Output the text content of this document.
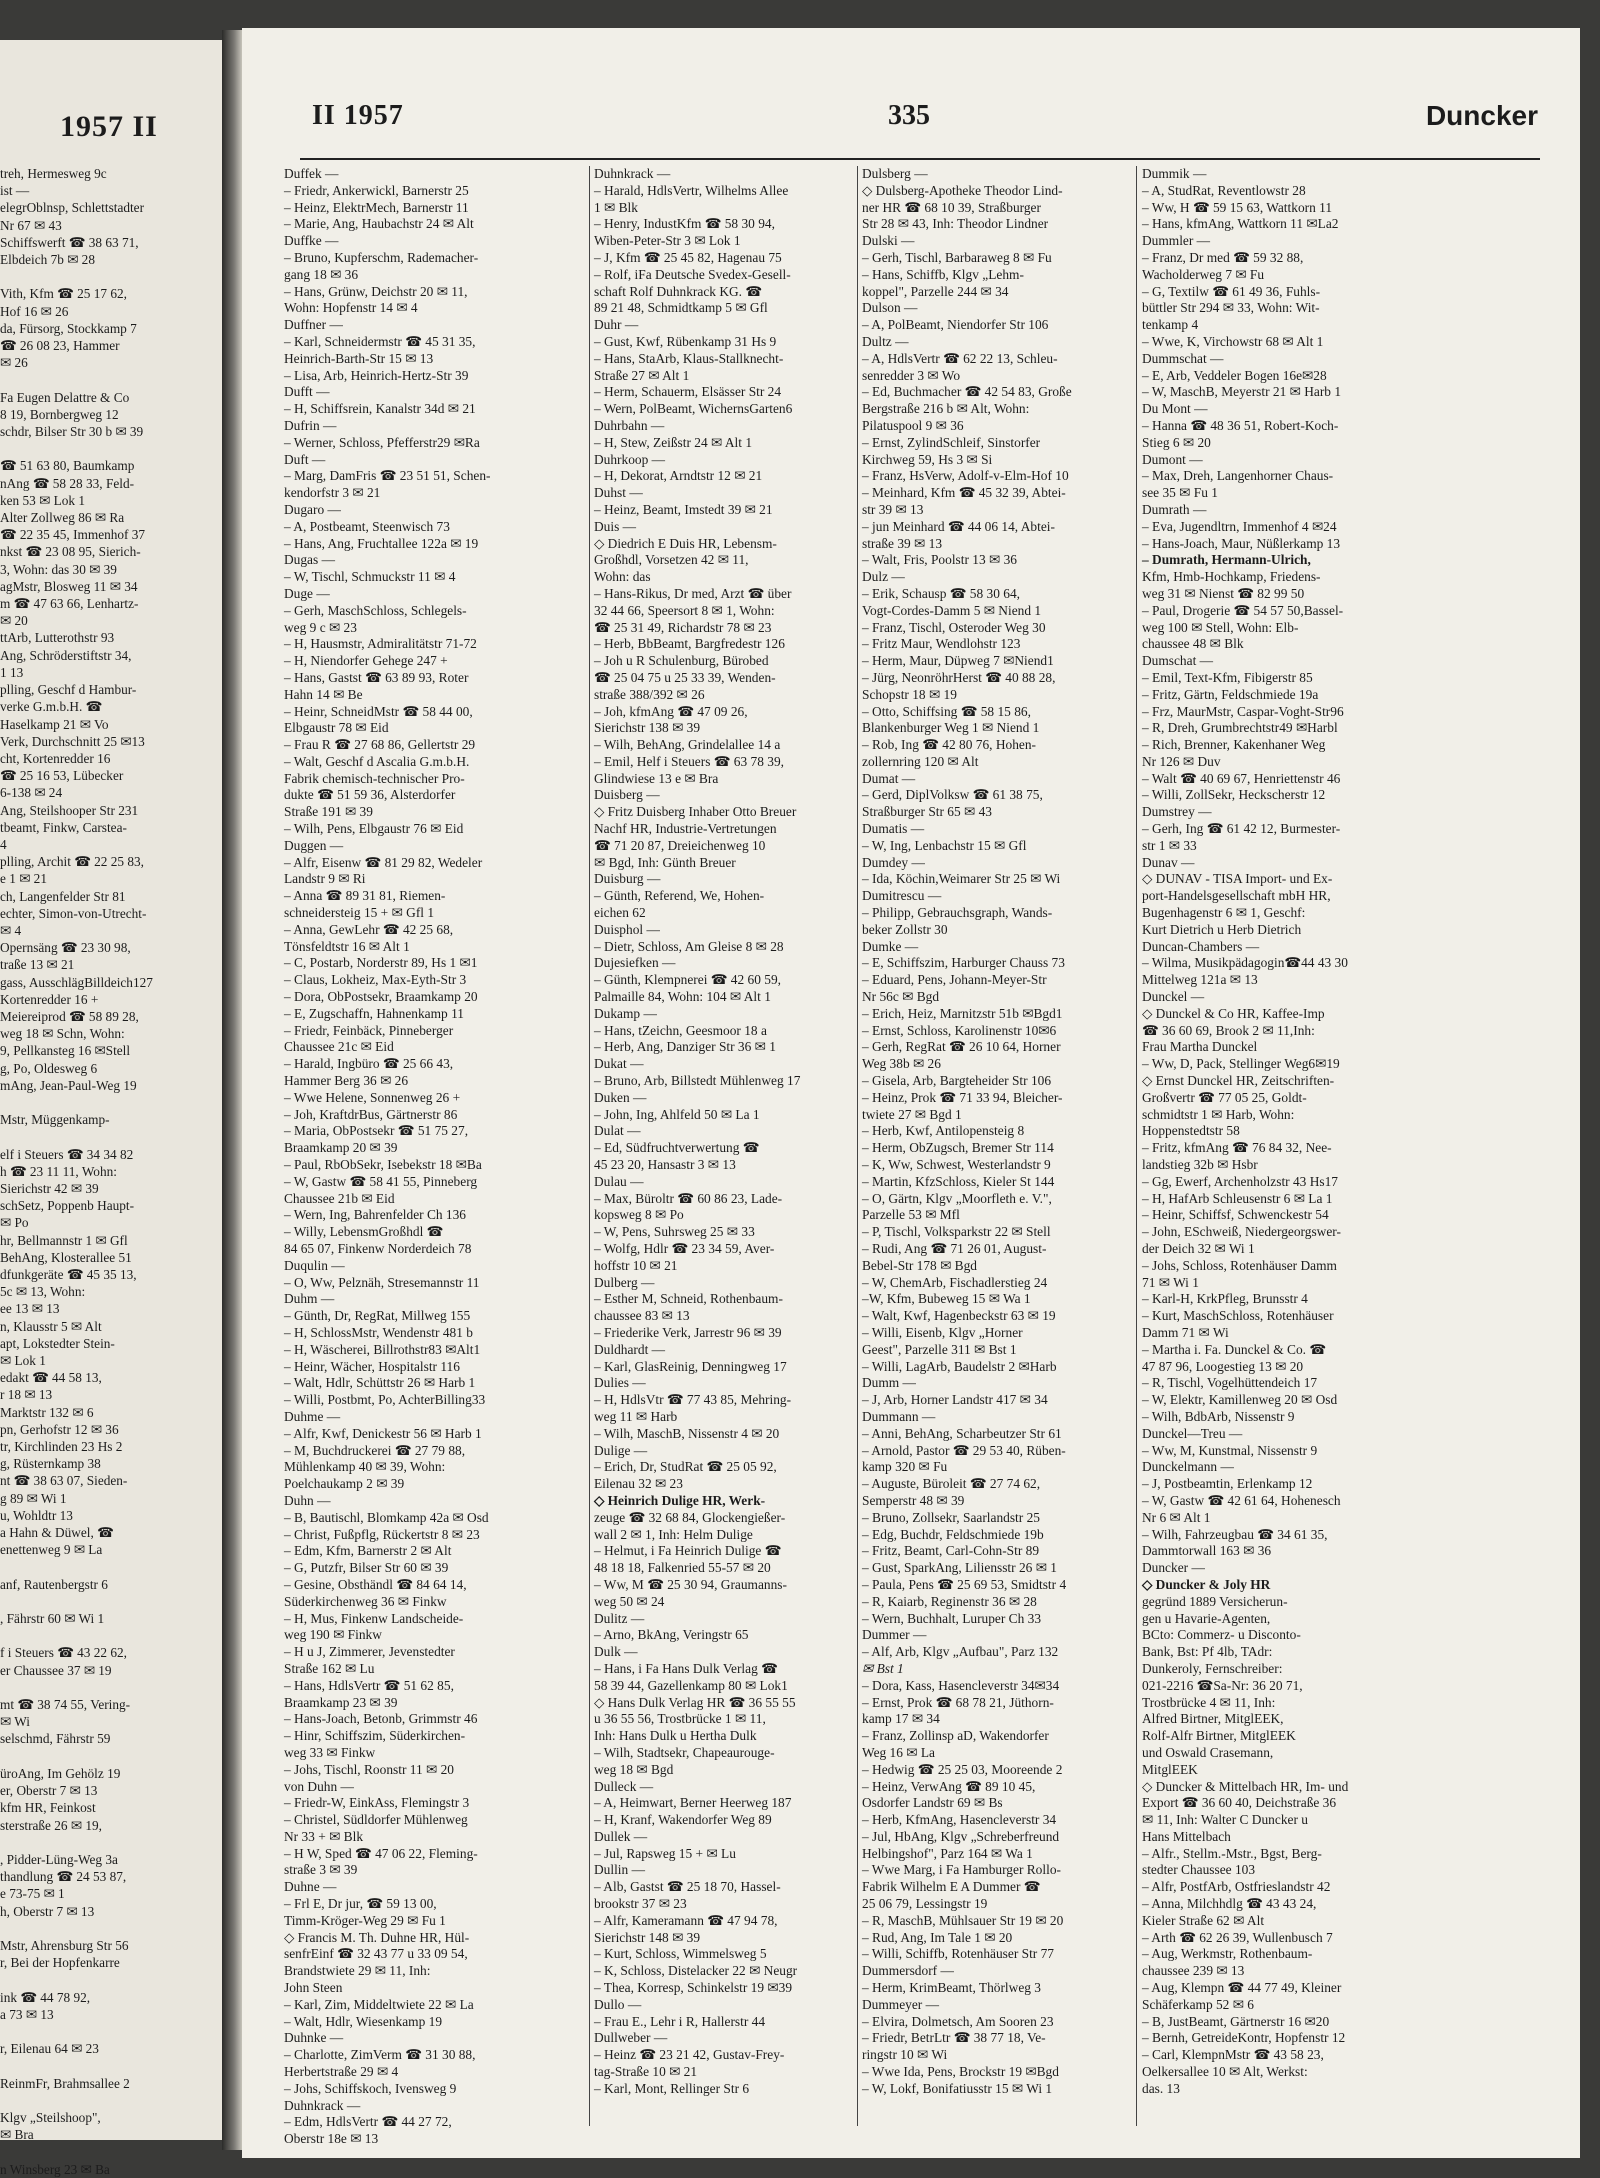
1957 II
treh, Hermesweg 9c
ist —
elegrOblnsp, Schlettstadter
Nr 67 ✉ 43
Schiffswerft ☎ 38 63 71,
Elbdeich 7b ✉ 28

Vith, Kfm ☎ 25 17 62,
Hof 16 ✉ 26
da, Fürsorg, Stockkamp 7
☎ 26 08 23, Hammer
✉ 26

Fa Eugen Delattre & Co
8 19, Bornbergweg 12
schdr, Bilser Str 30 b ✉ 39

☎ 51 63 80, Baumkamp
nAng ☎ 58 28 33, Feld-
ken 53 ✉ Lok 1
Alter Zollweg 86 ✉ Ra
☎ 22 35 45, Immenhof 37
nkst ☎ 23 08 95, Sierich-
3, Wohn: das 30 ✉ 39
agMstr, Blosweg 11 ✉ 34
m ☎ 47 63 66, Lenhartz-
✉ 20
ttArb, Lutterothstr 93
Ang, Schröderstiftstr 34,
1 13
plling, Geschf d Hambur-
verke G.m.b.H. ☎
Haselkamp 21 ✉ Vo
Verk, Durchschnitt 25 ✉13
cht, Kortenredder 16
☎ 25 16 53, Lübecker
6-138 ✉ 24
Ang, Steilshooper Str 231
tbeamt, Finkw, Carstea-
4
plling, Archit ☎ 22 25 83,
e 1 ✉ 21
ch, Langenfelder Str 81
echter, Simon-von-Utrecht-
✉ 4
Opernsäng ☎ 23 30 98,
traße 13 ✉ 21
gass, AusschlägBilldeich127
Kortenredder 16 +
Meiereiprod ☎ 58 89 28,
weg 18 ✉ Schn, Wohn:
9, Pellkansteg 16 ✉Stell
g, Po, Oldesweg 6
mAng, Jean-Paul-Weg 19

Mstr, Müggenkamp-

elf i Steuers ☎ 34 34 82
h ☎ 23 11 11, Wohn:
Sierichstr 42 ✉ 39
schSetz, Poppenb Haupt-
✉ Po
hr, Bellmannstr 1 ✉ Gfl
BehAng, Klosterallee 51
dfunkgeräte ☎ 45 35 13,
5c ✉ 13, Wohn:
ee 13 ✉ 13
n, Klausstr 5 ✉ Alt
apt, Lokstedter Stein-
✉ Lok 1
edakt ☎ 44 58 13,
r 18 ✉ 13
Marktstr 132 ✉ 6
pn, Gerhofstr 12 ✉ 36
tr, Kirchlinden 23 Hs 2
g, Rüsternkamp 38
nt ☎ 38 63 07, Sieden-
g 89 ✉ Wi 1
u, Wohldtr 13
a Hahn & Düwel, ☎
enettenweg 9 ✉ La

anf, Rautenbergstr 6

, Fährstr 60 ✉ Wi 1

f i Steuers ☎ 43 22 62,
er Chaussee 37 ✉ 19

mt ☎ 38 74 55, Vering-
✉ Wi
selschmd, Fährstr 59

üroAng, Im Gehölz 19
er, Oberstr 7 ✉ 13
kfm HR, Feinkost
sterstraße 26 ✉ 19,

, Pidder-Lüng-Weg 3a
thandlung ☎ 24 53 87,
e 73-75 ✉ 1
h, Oberstr 7 ✉ 13

Mstr, Ahrensburg Str 56
r, Bei der Hopfenkarre

ink ☎ 44 78 92,
a 73 ✉ 13

r, Eilenau 64 ✉ 23

ReinmFr, Brahmsallee 2

Klgv „Steilshoop",
✉ Bra

n Winsberg 23 ✉ Ba
II 1957	335	Duncker
Duffek —
– Friedr, Ankerwickl, Barnerstr 25
– Heinz, ElektrMech, Barnerstr 11
– Marie, Ang, Haubachstr 24 ✉ Alt
Duffke —
– Bruno, Kupferschm, Rademacher-
gang 18 ✉ 36
– Hans, Grünw, Deichstr 20 ✉ 11,
Wohn: Hopfenstr 14 ✉ 4
Duffner —
– Karl, Schneidermstr ☎ 45 31 35,
Heinrich-Barth-Str 15 ✉ 13
– Lisa, Arb, Heinrich-Hertz-Str 39
Dufft —
– H, Schiffsrein, Kanalstr 34d ✉ 21
Dufrin —
– Werner, Schloss, Pfefferstr29 ✉Ra
Duft —
– Marg, DamFris ☎ 23 51 51, Schen-
kendorfstr 3 ✉ 21
Dugaro —
– A, Postbeamt, Steenwisch 73
– Hans, Ang, Fruchtallee 122a ✉ 19
Dugas —
– W, Tischl, Schmuckstr 11 ✉ 4
Duge —
– Gerh, MaschSchloss, Schlegels-
weg 9 c ✉ 23
– H, Hausmstr, Admiralitätstr 71-72
– H, Niendorfer Gehege 247 +
– Hans, Gastst ☎ 63 89 93, Roter
Hahn 14 ✉ Be
– Heinr, SchneidMstr ☎ 58 44 00,
Elbgaustr 78 ✉ Eid
– Frau R ☎ 27 68 86, Gellertstr 29
– Walt, Geschf d Ascalia G.m.b.H.
Fabrik chemisch-technischer Pro-
dukte ☎ 51 59 36, Alsterdorfer
Straße 191 ✉ 39
– Wilh, Pens, Elbgaustr 76 ✉ Eid
Duggen —
– Alfr, Eisenw ☎ 81 29 82, Wedeler
Landstr 9 ✉ Ri
– Anna ☎ 89 31 81, Riemen-
schneidersteig 15 + ✉ Gfl 1
– Anna, GewLehr ☎ 42 25 68,
Tönsfeldtstr 16 ✉ Alt 1
– C, Postarb, Norderstr 89, Hs 1 ✉1
– Claus, Lokheiz, Max-Eyth-Str 3
– Dora, ObPostsekr, Braamkamp 20
– E, Zugschaffn, Hahnenkamp 11
– Friedr, Feinbäck, Pinneberger
Chaussee 21c ✉ Eid
– Harald, Ingbüro ☎ 25 66 43,
Hammer Berg 36 ✉ 26
– Wwe Helene, Sonnenweg 26 +
– Joh, KraftdrBus, Gärtnerstr 86
– Maria, ObPostsekr ☎ 51 75 27,
Braamkamp 20 ✉ 39
– Paul, RbObSekr, Isebekstr 18 ✉Ba
– W, Gastw ☎ 58 41 55, Pinneberg
Chaussee 21b ✉ Eid
– Wern, Ing, Bahrenfelder Ch 136
– Willy, LebensmGroßhdl ☎
84 65 07, Finkenw Norderdeich 78
Duqulin —
– O, Ww, Pelznäh, Stresemannstr 11
Duhm —
– Günth, Dr, RegRat, Millweg 155
– H, SchlossMstr, Wendenstr 481 b
– H, Wäscherei, Billrothstr83 ✉Alt1
– Heinr, Wächer, Hospitalstr 116
– Walt, Hdlr, Schüttstr 26 ✉ Harb 1
– Willi, Postbmt, Po, AchterBilling33
Duhme —
– Alfr, Kwf, Denickestr 56 ✉ Harb 1
– M, Buchdruckerei ☎ 27 79 88,
Mühlenkamp 40 ✉ 39, Wohn:
Poelchaukamp 2 ✉ 39
Duhn —
– B, Bautischl, Blomkamp 42a ✉ Osd
– Christ, Fußpflg, Rückertstr 8 ✉ 23
– Edm, Kfm, Barnerstr 2 ✉ Alt
– G, Putzfr, Bilser Str 60 ✉ 39
– Gesine, Obsthändl ☎ 84 64 14,
Süderkirchenweg 36 ✉ Finkw
– H, Mus, Finkenw Landscheide-
weg 190 ✉ Finkw
– H u J, Zimmerer, Jevenstedter
Straße 162 ✉ Lu
– Hans, HdlsVertr ☎ 51 62 85,
Braamkamp 23 ✉ 39
– Hans-Joach, Betonb, Grimmstr 46
– Hinr, Schiffszim, Süderkirchen-
weg 33 ✉ Finkw
– Johs, Tischl, Roonstr 11 ✉ 20
von Duhn —
– Friedr-W, EinkAss, Flemingstr 3
– Christel, Südldorfer Mühlenweg
Nr 33 + ✉ Blk
– H W, Sped ☎ 47 06 22, Fleming-
straße 3 ✉ 39
Duhne —
– Frl E, Dr jur, ☎ 59 13 00,
Timm-Kröger-Weg 29 ✉ Fu 1
◇ Francis M. Th. Duhne HR, Hül-
senfrEinf ☎ 32 43 77 u 33 09 54,
Brandstwiete 29 ✉ 11, Inh:
John Steen
– Karl, Zim, Middeltwiete 22 ✉ La
– Walt, Hdlr, Wiesenkamp 19
Duhnke —
– Charlotte, ZimVerm ☎ 31 30 88,
Herbertstraße 29 ✉ 4
– Johs, Schiffskoch, Ivensweg 9
Duhnkrack —
– Edm, HdlsVertr ☎ 44 27 72,
Oberstr 18e ✉ 13
Duhnkrack —
– Harald, HdlsVertr, Wilhelms Allee
1 ✉ Blk
– Henry, IndustKfm ☎ 58 30 94,
Wiben-Peter-Str 3 ✉ Lok 1
– J, Kfm ☎ 25 45 82, Hagenau 75
– Rolf, iFa Deutsche Svedex-Gesell-
schaft Rolf Duhnkrack KG. ☎
89 21 48, Schmidtkamp 5 ✉ Gfl
Duhr —
– Gust, Kwf, Rübenkamp 31 Hs 9
– Hans, StaArb, Klaus-Stallknecht-
Straße 27 ✉ Alt 1
– Herm, Schauerm, Elsässer Str 24
– Wern, PolBeamt, WichernsGarten6
Duhrbahn —
– H, Stew, Zeißstr 24 ✉ Alt 1
Duhrkoop —
– H, Dekorat, Arndtstr 12 ✉ 21
Duhst —
– Heinz, Beamt, Imstedt 39 ✉ 21
Duis —
◇ Diedrich E Duis HR, Lebensm-
Großhdl, Vorsetzen 42 ✉ 11,
Wohn: das
– Hans-Rikus, Dr med, Arzt ☎ über
32 44 66, Speersort 8 ✉ 1, Wohn:
☎ 25 31 49, Richardstr 78 ✉ 23
– Herb, BbBeamt, Bargfredestr 126
– Joh u R Schulenburg, Bürobed
☎ 25 04 75 u 25 33 39, Wenden-
straße 388/392 ✉ 26
– Joh, kfmAng ☎ 47 09 26,
Sierichstr 138 ✉ 39
– Wilh, BehAng, Grindelallee 14 a
– Emil, Helf i Steuers ☎ 63 78 39,
Glindwiese 13 e ✉ Bra
Duisberg —
◇ Fritz Duisberg Inhaber Otto Breuer
Nachf HR, Industrie-Vertretungen
☎ 71 20 87, Dreieichenweg 10
✉ Bgd, Inh: Günth Breuer
Duisburg —
– Günth, Referend, We, Hohen-
eichen 62
Duisphol —
– Dietr, Schloss, Am Gleise 8 ✉ 28
Dujesiefken —
– Günth, Klempnerei ☎ 42 60 59,
Palmaille 84, Wohn: 104 ✉ Alt 1
Dukamp —
– Hans, tZeichn, Geesmoor 18 a
– Herb, Ang, Danziger Str 36 ✉ 1
Dukat —
– Bruno, Arb, Billstedt Mühlenweg 17
Duken —
– John, Ing, Ahlfeld 50 ✉ La 1
Dulat —
– Ed, Südfruchtverwertung ☎
45 23 20, Hansastr 3 ✉ 13
Dulau —
– Max, Büroltr ☎ 60 86 23, Lade-
kopsweg 8 ✉ Po
– W, Pens, Suhrsweg 25 ✉ 33
– Wolfg, Hdlr ☎ 23 34 59, Aver-
hoffstr 10 ✉ 21
Dulberg —
– Esther M, Schneid, Rothenbaum-
chaussee 83 ✉ 13
– Friederike Verk, Jarrestr 96 ✉ 39
Duldhardt —
– Karl, GlasReinig, Denningweg 17
Dulies —
– H, HdlsVtr ☎ 77 43 85, Mehring-
weg 11 ✉ Harb
– Wilh, MaschB, Nissenstr 4 ✉ 20
Dulige —
– Erich, Dr, StudRat ☎ 25 05 92,
Eilenau 32 ✉ 23
◇ Heinrich Dulige HR, Werk-
zeuge ☎ 32 68 84, Glockengießer-
wall 2 ✉ 1, Inh: Helm Dulige
– Helmut, i Fa Heinrich Dulige ☎
48 18 18, Falkenried 55-57 ✉ 20
– Ww, M ☎ 25 30 94, Graumanns-
weg 50 ✉ 24
Dulitz —
– Arno, BkAng, Veringstr 65
Dulk —
– Hans, i Fa Hans Dulk Verlag ☎
58 39 44, Gazellenkamp 80 ✉ Lok1
◇ Hans Dulk Verlag HR ☎ 36 55 55
u 36 55 56, Trostbrücke 1 ✉ 11,
Inh: Hans Dulk u Hertha Dulk
– Wilh, Stadtsekr, Chapeaurouge-
weg 18 ✉ Bgd
Dulleck —
– A, Heimwart, Berner Heerweg 187
– H, Kranf, Wakendorfer Weg 89
Dullek —
– Jul, Rapsweg 15 + ✉ Lu
Dullin —
– Alb, Gastst ☎ 25 18 70, Hassel-
brookstr 37 ✉ 23
– Alfr, Kameramann ☎ 47 94 78,
Sierichstr 148 ✉ 39
– Kurt, Schloss, Wimmelsweg 5
– K, Schloss, Distelacker 22 ✉ Neugr
– Thea, Korresp, Schinkelstr 19 ✉39
Dullo —
– Frau E., Lehr i R, Hallerstr 44
Dullweber —
– Heinz ☎ 23 21 42, Gustav-Frey-
tag-Straße 10 ✉ 21
– Karl, Mont, Rellinger Str 6
Dulsberg —
◇ Dulsberg-Apotheke Theodor Lind-
ner HR ☎ 68 10 39, Straßburger
Str 28 ✉ 43, Inh: Theodor Lindner
Dulski —
– Gerh, Tischl, Barbaraweg 8 ✉ Fu
– Hans, Schiffb, Klgv „Lehm-
koppel", Parzelle 244 ✉ 34
Dulson —
– A, PolBeamt, Niendorfer Str 106
Dultz —
– A, HdlsVertr ☎ 62 22 13, Schleu-
senredder 3 ✉ Wo
– Ed, Buchmacher ☎ 42 54 83, Große
Bergstraße 216 b ✉ Alt, Wohn:
Pilatuspool 9 ✉ 36
– Ernst, ZylindSchleif, Sinstorfer
Kirchweg 59, Hs 3 ✉ Si
– Franz, HsVerw, Adolf-v-Elm-Hof 10
– Meinhard, Kfm ☎ 45 32 39, Abtei-
str 39 ✉ 13
– jun Meinhard ☎ 44 06 14, Abtei-
straße 39 ✉ 13
– Walt, Fris, Poolstr 13 ✉ 36
Dulz —
– Erik, Schausp ☎ 58 30 64,
Vogt-Cordes-Damm 5 ✉ Niend 1
– Franz, Tischl, Osteroder Weg 30
– Fritz Maur, Wendlohstr 123
– Herm, Maur, Düpweg 7 ✉Niend1
– Jürg, NeonröhrHerst ☎ 40 88 28,
Schopstr 18 ✉ 19
– Otto, Schiffsing ☎ 58 15 86,
Blankenburger Weg 1 ✉ Niend 1
– Rob, Ing ☎ 42 80 76, Hohen-
zollernring 120 ✉ Alt
Dumat —
– Gerd, DiplVolksw ☎ 61 38 75,
Straßburger Str 65 ✉ 43
Dumatis —
– W, Ing, Lenbachstr 15 ✉ Gfl
Dumdey —
– Ida, Köchin,Weimarer Str 25 ✉ Wi
Dumitrescu —
– Philipp, Gebrauchsgraph, Wands-
beker Zollstr 30
Dumke —
– E, Schiffszim, Harburger Chauss 73
– Eduard, Pens, Johann-Meyer-Str
Nr 56c ✉ Bgd
– Erich, Heiz, Marnitzstr 51b ✉Bgd1
– Ernst, Schloss, Karolinenstr 10✉6
– Gerh, RegRat ☎ 26 10 64, Horner
Weg 38b ✉ 26
– Gisela, Arb, Bargteheider Str 106
– Heinz, Prok ☎ 71 33 94, Bleicher-
twiete 27 ✉ Bgd 1
– Herb, Kwf, Antilopensteig 8
– Herm, ObZugsch, Bremer Str 114
– K, Ww, Schwest, Westerlandstr 9
– Martin, KfzSchloss, Kieler St 144
– O, Gärtn, Klgv „Moorfleth e. V.",
Parzelle 53 ✉ Mfl
– P, Tischl, Volksparkstr 22 ✉ Stell
– Rudi, Ang ☎ 71 26 01, August-
Bebel-Str 178 ✉ Bgd
– W, ChemArb, Fischadlerstieg 24
–W, Kfm, Bubeweg 15 ✉ Wa 1
– Walt, Kwf, Hagenbeckstr 63 ✉ 19
– Willi, Eisenb, Klgv „Horner
Geest", Parzelle 311 ✉ Bst 1
– Willi, LagArb, Baudelstr 2 ✉Harb
Dumm —
– J, Arb, Horner Landstr 417 ✉ 34
Dummann —
– Anni, BehAng, Scharbeutzer Str 61
– Arnold, Pastor ☎ 29 53 40, Rüben-
kamp 320 ✉ Fu
– Auguste, Büroleit ☎ 27 74 62,
Semperstr 48 ✉ 39
– Bruno, Zollsekr, Saarlandstr 25
– Edg, Buchdr, Feldschmiede 19b
– Fritz, Beamt, Carl-Cohn-Str 89
– Gust, SparkAng, Liliensstr 26 ✉ 1
– Paula, Pens ☎ 25 69 53, Smidtstr 4
– R, Kaiarb, Reginenstr 36 ✉ 28
– Wern, Buchhalt, Luruper Ch 33
Dummer —
– Alf, Arb, Klgv „Aufbau", Parz 132
✉ Bst 1
– Dora, Kass, Hasencleverstr 34✉34
– Ernst, Prok ☎ 68 78 21, Jüthorn-
kamp 17 ✉ 34
– Franz, Zollinsp aD, Wakendorfer
Weg 16 ✉ La
– Hedwig ☎ 25 25 03, Mooreende 2
– Heinz, VerwAng ☎ 89 10 45,
Osdorfer Landstr 69 ✉ Bs
– Herb, KfmAng, Hasencleverstr 34
– Jul, HbAng, Klgv „Schreberfreund
Helbingshof", Parz 164 ✉ Wa 1
– Wwe Marg, i Fa Hamburger Rollo-
Fabrik Wilhelm E A Dummer ☎
25 06 79, Lessingstr 19
– R, MaschB, Mühlsauer Str 19 ✉ 20
– Rud, Ang, Im Tale 1 ✉ 20
– Willi, Schiffb, Rotenhäuser Str 77
Dummersdorf —
– Herm, KrimBeamt, Thörlweg 3
Dummeyer —
– Elvira, Dolmetsch, Am Sooren 23
– Friedr, BetrLtr ☎ 38 77 18, Ve-
ringstr 10 ✉ Wi
– Wwe Ida, Pens, Brockstr 19 ✉Bgd
– W, Lokf, Bonifatiusstr 15 ✉ Wi 1
Dummik —
– A, StudRat, Reventlowstr 28
– Ww, H ☎ 59 15 63, Wattkorn 11
– Hans, kfmAng, Wattkorn 11 ✉La2
Dummler —
– Franz, Dr med ☎ 59 32 88,
Wacholderweg 7 ✉ Fu
– G, Textilw ☎ 61 49 36, Fuhls-
büttler Str 294 ✉ 33, Wohn: Wit-
tenkamp 4
– Wwe, K, Virchowstr 68 ✉ Alt 1
Dummschat —
– E, Arb, Veddeler Bogen 16e✉28
– W, MaschB, Meyerstr 21 ✉ Harb 1
Du Mont —
– Hanna ☎ 48 36 51, Robert-Koch-
Stieg 6 ✉ 20
Dumont —
– Max, Dreh, Langenhorner Chaus-
see 35 ✉ Fu 1
Dumrath —
– Eva, Jugendltrn, Immenhof 4 ✉24
– Hans-Joach, Maur, Nüßlerkamp 13
– Dumrath, Hermann-Ulrich,
Kfm, Hmb-Hochkamp, Friedens-
weg 31 ✉ Nienst ☎ 82 99 50
– Paul, Drogerie ☎ 54 57 50,Bassel-
weg 100 ✉ Stell, Wohn: Elb-
chaussee 48 ✉ Blk
Dumschat —
– Emil, Text-Kfm, Fibigerstr 85
– Fritz, Gärtn, Feldschmiede 19a
– Frz, MaurMstr, Caspar-Voght-Str96
– R, Dreh, Grumbrechtstr49 ✉Harbl
– Rich, Brenner, Kakenhaner Weg
Nr 126 ✉ Duv
– Walt ☎ 40 69 67, Henriettenstr 46
– Willi, ZollSekr, Heckscherstr 12
Dumstrey —
– Gerh, Ing ☎ 61 42 12, Burmester-
str 1 ✉ 33
Dunav —
◇ DUNAV - TISA Import- und Ex-
port-Handelsgesellschaft mbH HR,
Bugenhagenstr 6 ✉ 1, Geschf:
Kurt Dietrich u Herb Dietrich
Duncan-Chambers —
– Wilma, Musikpädagogin☎44 43 30
Mittelweg 121a ✉ 13
Dunckel —
◇ Dunckel & Co HR, Kaffee-Imp
☎ 36 60 69, Brook 2 ✉ 11,Inh:
Frau Martha Dunckel
– Ww, D, Pack, Stellinger Weg6✉19
◇ Ernst Dunckel HR, Zeitschriften-
Großvertr ☎ 77 05 25, Goldt-
schmidtstr 1 ✉ Harb, Wohn:
Hoppenstedtstr 58
– Fritz, kfmAng ☎ 76 84 32, Nee-
landstieg 32b ✉ Hsbr
– Gg, Ewerf, Archenholzstr 43 Hs17
– H, HafArb Schleusenstr 6 ✉ La 1
– Heinr, Schiffsf, Schwenckestr 54
– John, ESchweiß, Niedergeorgswer-
der Deich 32 ✉ Wi 1
– Johs, Schloss, Rotenhäuser Damm
71 ✉ Wi 1
– Karl-H, KrkPfleg, Brunsstr 4
– Kurt, MaschSchloss, Rotenhäuser
Damm 71 ✉ Wi
– Martha i. Fa. Dunckel & Co. ☎
47 87 96, Loogestieg 13 ✉ 20
– R, Tischl, Vogelhüttendeich 17
– W, Elektr, Kamillenweg 20 ✉ Osd
– Wilh, BdbArb, Nissenstr 9
Dunckel—Treu —
– Ww, M, Kunstmal, Nissenstr 9
Dunckelmann —
– J, Postbeamtin, Erlenkamp 12
– W, Gastw ☎ 42 61 64, Hohenesch
Nr 6 ✉ Alt 1
– Wilh, Fahrzeugbau ☎ 34 61 35,
Dammtorwall 163 ✉ 36
Duncker —
◇ Duncker & Joly HR
gegründ 1889 Versicherun-
gen u Havarie-Agenten,
BCto: Commerz- u Disconto-
Bank, Bst: Pf 4lb, TAdr:
Dunkeroly, Fernschreiber:
021-2216 ☎Sa-Nr: 36 20 71,
Trostbrücke 4 ✉ 11, Inh:
Alfred Birtner, MitglEEK,
Rolf-Alfr Birtner, MitglEEK
und Oswald Crasemann,
MitglEEK
◇ Duncker & Mittelbach HR, Im- und
Export ☎ 36 60 40, Deichstraße 36
✉ 11, Inh: Walter C Duncker u
Hans Mittelbach
– Alfr., Stellm.-Mstr., Bgst, Berg-
stedter Chaussee 103
– Alfr, PostfArb, Ostfrieslandstr 42
– Anna, Milchhdlg ☎ 43 43 24,
Kieler Straße 62 ✉ Alt
– Arth ☎ 62 26 39, Wullenbusch 7
– Aug, Werkmstr, Rothenbaum-
chaussee 239 ✉ 13
– Aug, Klempn ☎ 44 77 49, Kleiner
Schäferkamp 52 ✉ 6
– B, JustBeamt, Gärtnerstr 16 ✉20
– Bernh, GetreideKontr, Hopfenstr 12
– Carl, KlempnMstr ☎ 43 58 23,
Oelkersallee 10 ✉ Alt, Werkst:
das. 13
